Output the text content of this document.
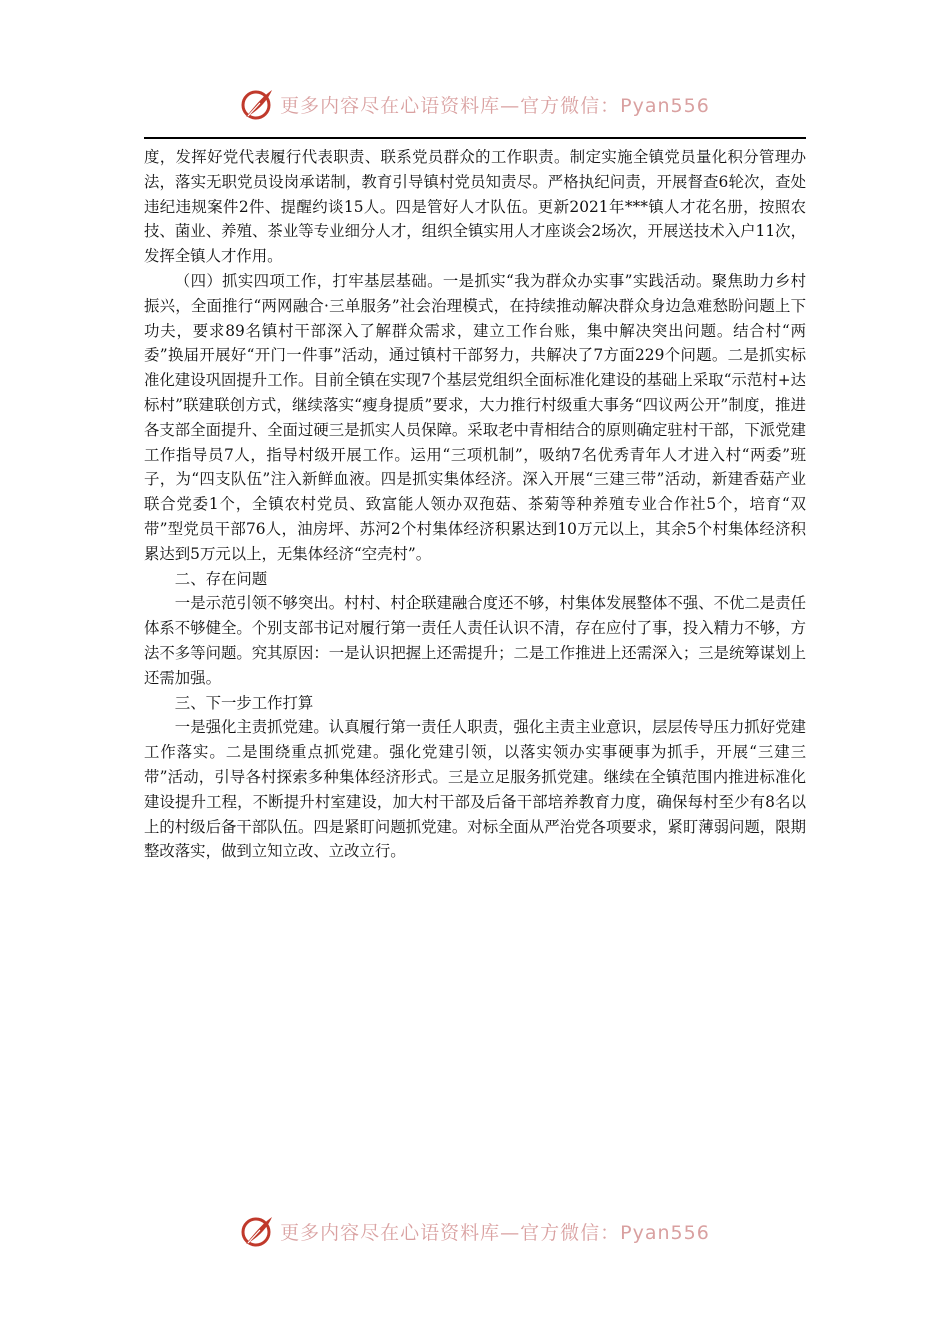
更多内容尽在心语资料库—官方微信：Pyan556

度，发挥好党代表履行代表职责、联系党员群众的工作职责。制定实施全镇党员量化积分管理办法，落实无职党员设岗承诺制，教育引导镇村党员知责尽。严格执纪问责，开展督查6轮次，查处违纪违规案件2件、提醒约谈15人。四是管好人才队伍。更新2021年***镇人才花名册，按照农技、菌业、养殖、茶业等专业细分人才，组织全镇实用人才座谈会2场次，开展送技术入户11次，发挥全镇人才作用。

（四）抓实四项工作，打牢基层基础。一是抓实“我为群众办实事”实践活动。聚焦助力乡村振兴，全面推行“两网融合·三单服务”社会治理模式，在持续推动解决群众身边急难愁盼问题上下功夫，要求89名镇村干部深入了解群众需求，建立工作台账，集中解决突出问题。结合村“两委”换届开展好“开门一件事”活动，通过镇村干部努力，共解决了7方面229个问题。二是抓实标准化建设巩固提升工作。目前全镇在实现7个基层党组织全面标准化建设的基础上采取“示范村+达标村”联建联创方式，继续落实“瘦身提质”要求，大力推行村级重大事务“四议两公开”制度，推进各支部全面提升、全面过硬三是抓实人员保障。采取老中青相结合的原则确定驻村干部，下派党建工作指导员7人，指导村级开展工作。运用“三项机制”，吸纳7名优秀青年人才进入村“两委”班子，为“四支队伍”注入新鲜血液。四是抓实集体经济。深入开展“三建三带”活动，新建香菇产业联合党委1个，全镇农村党员、致富能人领办双孢菇、茶菊等种养殖专业合作社5个，培育“双带”型党员干部76人，油房坪、苏河2个村集体经济积累达到10万元以上，其余5个村集体经济积累达到5万元以上，无集体经济“空壳村”。

二、存在问题

一是示范引领不够突出。村村、村企联建融合度还不够，村集体发展整体不强、不优二是责任体系不够健全。个别支部书记对履行第一责任人责任认识不清，存在应付了事，投入精力不够，方法不多等问题。究其原因：一是认识把握上还需提升；二是工作推进上还需深入；三是统筹谋划上还需加强。

三、下一步工作打算

一是强化主责抓党建。认真履行第一责任人职责，强化主责主业意识，层层传导压力抓好党建工作落实。二是围绕重点抓党建。强化党建引领，以落实领办实事硬事为抓手，开展“三建三带”活动，引导各村探索多种集体经济形式。三是立足服务抓党建。继续在全镇范围内推进标准化建设提升工程，不断提升村室建设，加大村干部及后备干部培养教育力度，确保每村至少有8名以上的村级后备干部队伍。四是紧盯问题抓党建。对标全面从严治党各项要求，紧盯薄弱问题，限期整改落实，做到立知立改、立改立行。

更多内容尽在心语资料库—官方微信：Pyan556
